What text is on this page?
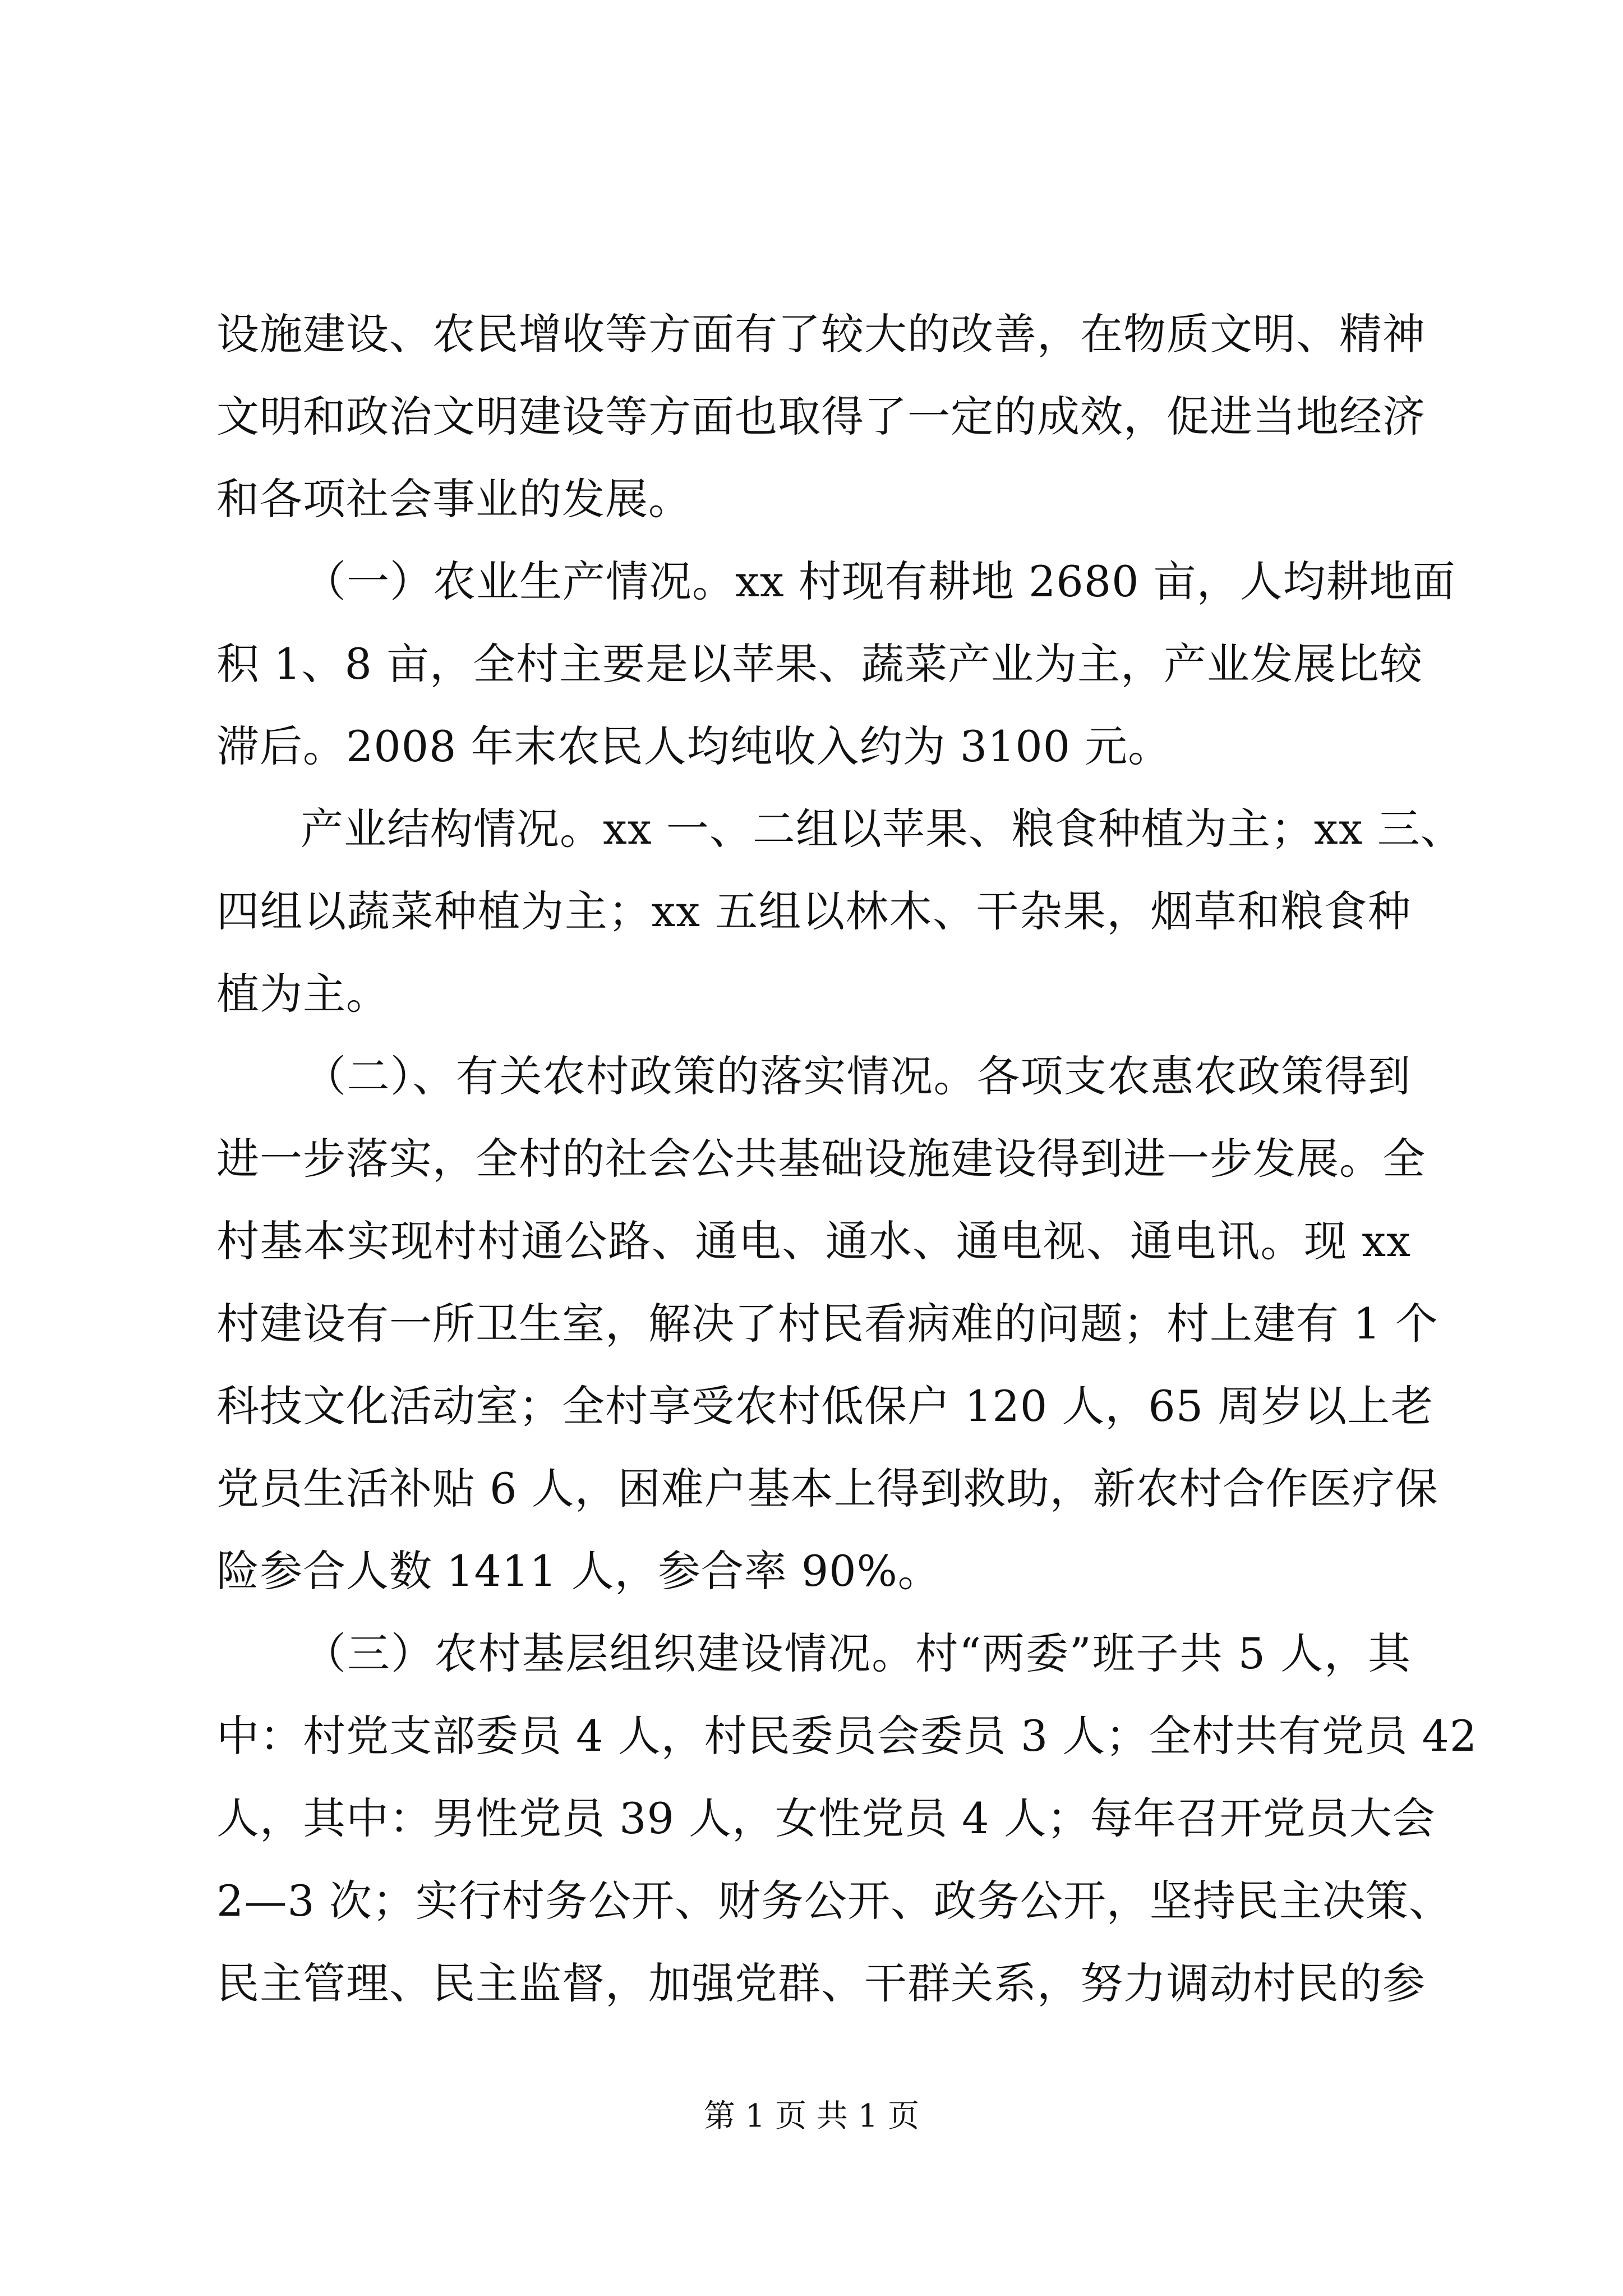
设施建设、农民增收等方面有了较大的改善，在物质文明、精神
文明和政治文明建设等方面也取得了一定的成效，促进当地经济
和各项社会事业的发展。
（一）农业生产情况。xx 村现有耕地 2680 亩，人均耕地面
积 1、8 亩，全村主要是以苹果、蔬菜产业为主，产业发展比较
滞后。2008 年末农民人均纯收入约为 3100 元。
产业结构情况。xx 一、二组以苹果、粮食种植为主；xx 三、
四组以蔬菜种植为主；xx 五组以林木、干杂果，烟草和粮食种
植为主。
（二）、有关农村政策的落实情况。各项支农惠农政策得到
进一步落实，全村的社会公共基础设施建设得到进一步发展。全
村基本实现村村通公路、通电、通水、通电视、通电讯。现 xx
村建设有一所卫生室，解决了村民看病难的问题；村上建有 1 个
科技文化活动室；全村享受农村低保户 120 人，65 周岁以上老
党员生活补贴 6 人，困难户基本上得到救助，新农村合作医疗保
险参合人数 1411 人，参合率 90%。
（三）农村基层组织建设情况。村“两委”班子共 5 人，其
中：村党支部委员 4 人，村民委员会委员 3 人；全村共有党员 42
人，其中：男性党员 39 人，女性党员 4 人；每年召开党员大会
2—3 次；实行村务公开、财务公开、政务公开，坚持民主决策、
民主管理、民主监督，加强党群、干群关系，努力调动村民的参
第 1 页 共 1 页
